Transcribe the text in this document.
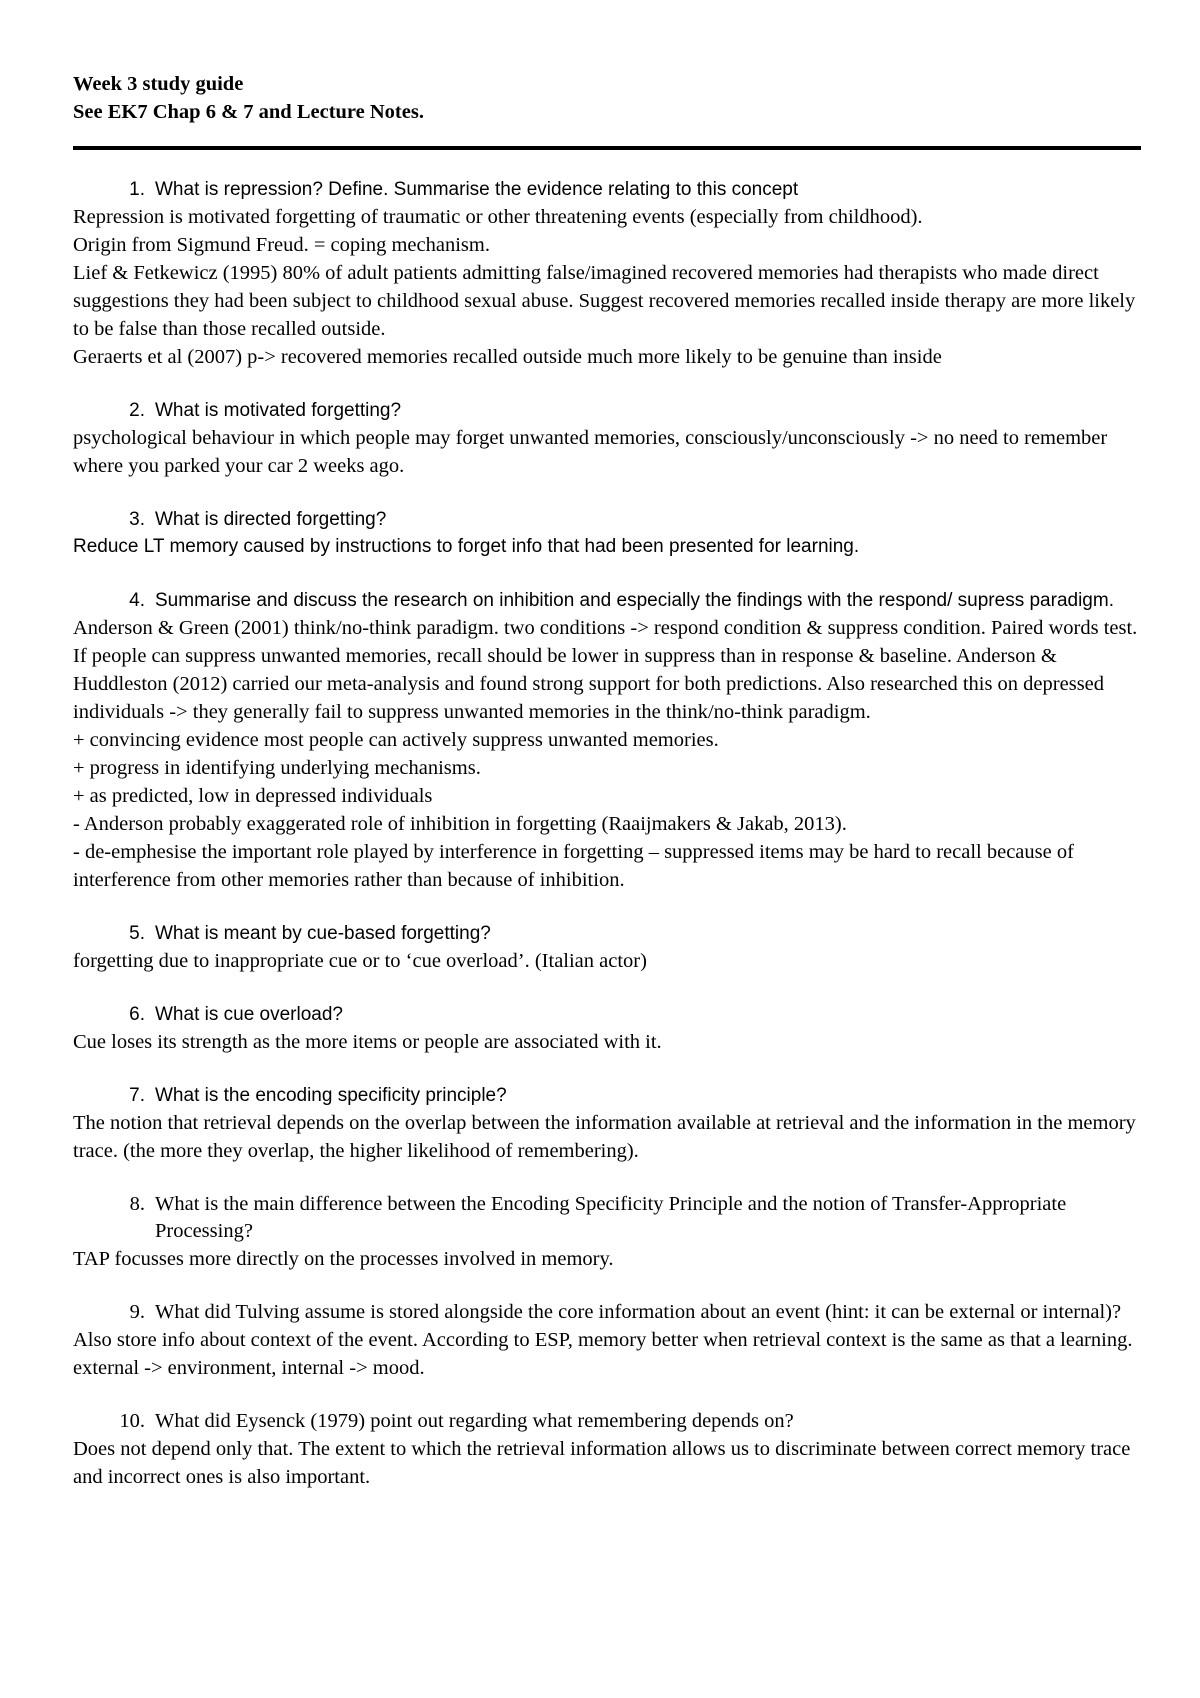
Week 3 study guide

See EK7 Chap 6 & 7 and Lecture Notes.

1. What is repression? Define. Summarise the evidence relating to this concept

Repression is motivated forgetting of traumatic or other threatening events (especially from childhood).

Origin from Sigmund Freud. = coping mechanism.

Lief & Fetkewicz (1995) 80% of adult patients admitting false/imagined recovered memories had therapists who made direct suggestions they had been subject to childhood sexual abuse. Suggest recovered memories recalled inside therapy are more likely to be false than those recalled outside.

Geraerts et al (2007) p-> recovered memories recalled outside much more likely to be genuine than inside

2. What is motivated forgetting?

psychological behaviour in which people may forget unwanted memories, consciously/unconsciously -> no need to remember where you parked your car 2 weeks ago.

3. What is directed forgetting?

Reduce LT memory caused by instructions to forget info that had been presented for learning.

4. Summarise and discuss the research on inhibition and especially the findings with the respond/ supress paradigm.

Anderson & Green (2001) think/no-think paradigm. two conditions -> respond condition & suppress condition. Paired words test. If people can suppress unwanted memories, recall should be lower in suppress than in response & baseline. Anderson & Huddleston (2012) carried our meta-analysis and found strong support for both predictions. Also researched this on depressed individuals -> they generally fail to suppress unwanted memories in the think/no-think paradigm.

+ convincing evidence most people can actively suppress unwanted memories.

+ progress in identifying underlying mechanisms.

+ as predicted, low in depressed individuals

- Anderson probably exaggerated role of inhibition in forgetting (Raaijmakers & Jakab, 2013).

- de-emphesise the important role played by interference in forgetting – suppressed items may be hard to recall because of interference from other memories rather than because of inhibition.

5. What is meant by cue-based forgetting?

forgetting due to inappropriate cue or to ‘cue overload’. (Italian actor)

6. What is cue overload?

Cue loses its strength as the more items or people are associated with it.

7. What is the encoding specificity principle?

The notion that retrieval depends on the overlap between the information available at retrieval and the information in the memory trace. (the more they overlap, the higher likelihood of remembering).

8. What is the main difference between the Encoding Specificity Principle and the notion of Transfer-Appropriate Processing?

TAP focusses more directly on the processes involved in memory.

9. What did Tulving assume is stored alongside the core information about an event (hint: it can be external or internal)?

Also store info about context of the event. According to ESP, memory better when retrieval context is the same as that a learning. external -> environment, internal -> mood.

10. What did Eysenck (1979) point out regarding what remembering depends on?

Does not depend only that. The extent to which the retrieval information allows us to discriminate between correct memory trace and incorrect ones is also important.
